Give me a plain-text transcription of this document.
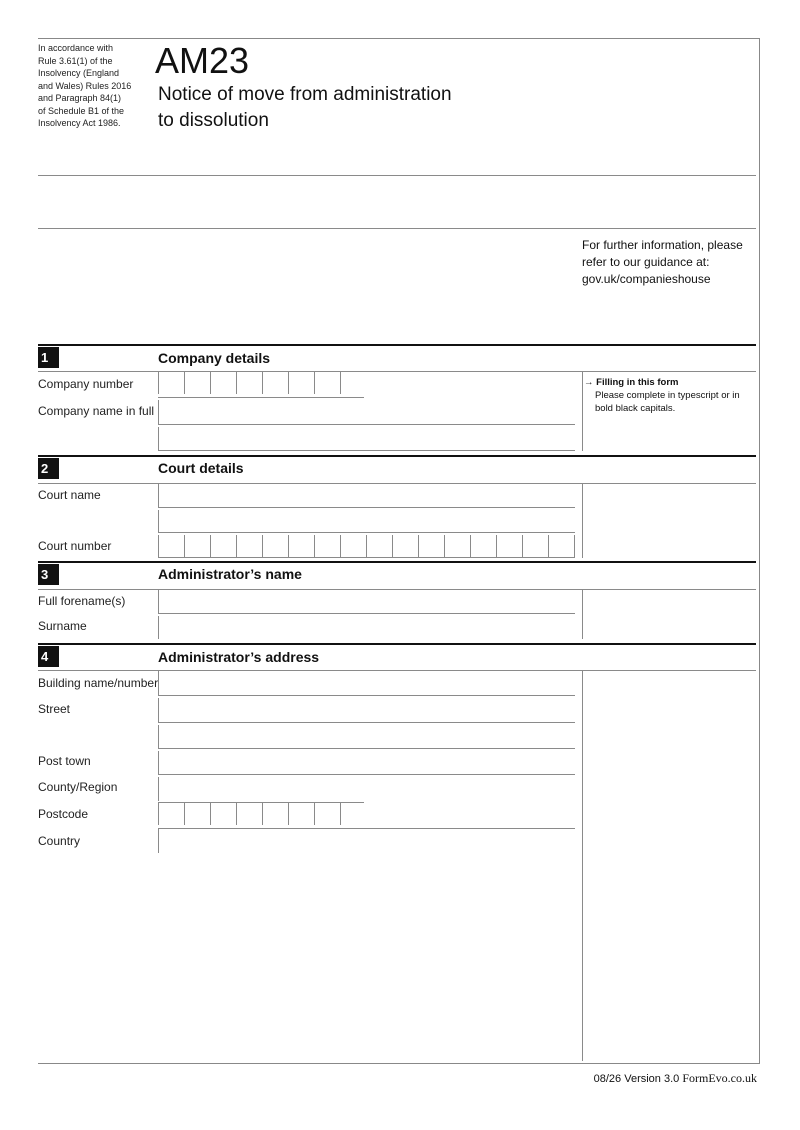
In accordance with
Rule 3.61(1) of the
Insolvency (England
and Wales) Rules 2016
and Paragraph 84(1)
of Schedule B1 of the
Insolvency Act 1986.
AM23
Notice of move from administration
to dissolution
For further information, please
refer to our guidance at:
gov.uk/companieshouse
1	Company details
Company number
Company name in full
→ Filling in this form
Please complete in typescript or in
bold black capitals.
2	Court details
Court name
Court number
3	Administrator’s name
Full forename(s)
Surname
4	Administrator’s address
Building name/number
Street
Post town
County/Region
Postcode
Country
08/26 Version 3.0 FormEvo.co.uk
